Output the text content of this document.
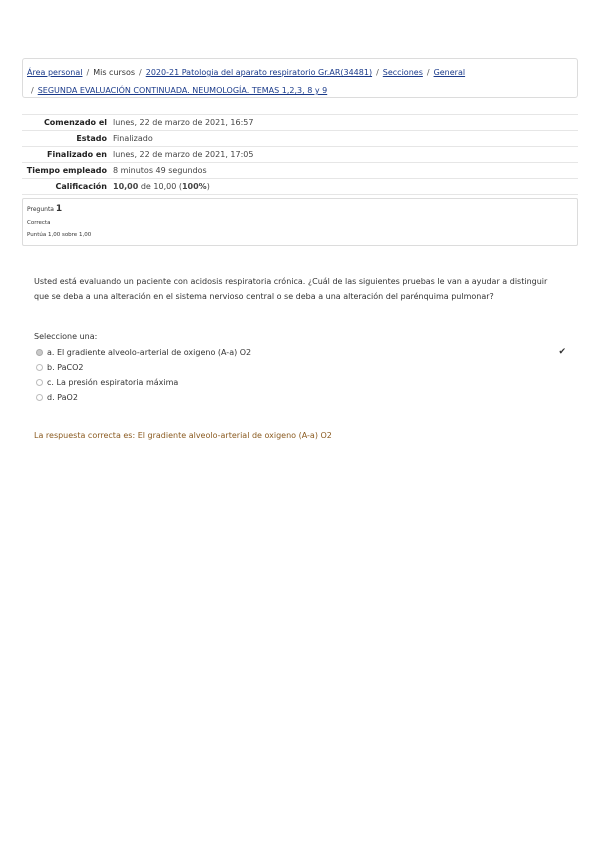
Área personal / Mis cursos / 2020-21 Patologia del aparato respiratorio Gr.AR(34481) / Secciones / General
/ SEGUNDA EVALUACIÓN CONTINUADA. NEUMOLOGÍA. TEMAS 1,2,3, 8 y 9
Comenzado el	lunes, 22 de marzo de 2021, 16:57
Estado	Finalizado
Finalizado en	lunes, 22 de marzo de 2021, 17:05
Tiempo empleado	8 minutos 49 segundos
Calificación	10,00 de 10,00 (100%)
Pregunta 1
Correcta
Puntúa 1,00 sobre 1,00
Usted está evaluando un paciente con acidosis respiratoria crónica. ¿Cuál de las siguientes pruebas le van a ayudar a distinguir que se deba a una alteración en el sistema nervioso central o se deba a una alteración del parénquima pulmonar?
Seleccione una:
a. El gradiente alveolo-arterial de oxigeno (A-a) O2	✔
b. PaCO2
c. La presión espiratoria máxima
d. PaO2
La respuesta correcta es: El gradiente alveolo-arterial de oxigeno (A-a) O2
